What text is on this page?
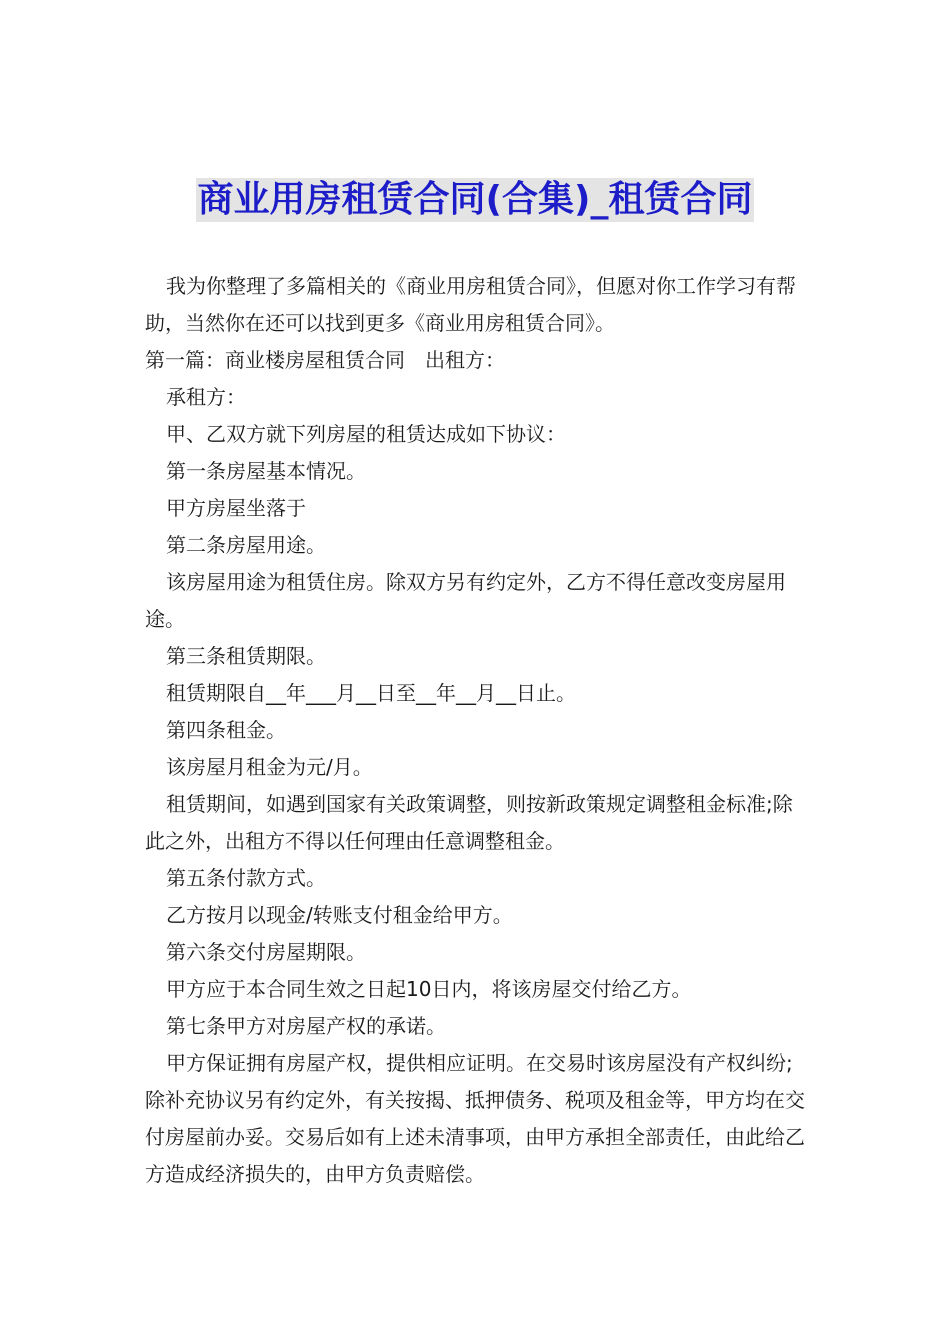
商业用房租赁合同(合集)_租赁合同

我为你整理了多篇相关的《商业用房租赁合同》，但愿对你工作学习有帮助，当然你在还可以找到更多《商业用房租赁合同》。

第一篇：商业楼房屋租赁合同　出租方：

承租方：

甲、乙双方就下列房屋的租赁达成如下协议：

第一条房屋基本情况。

甲方房屋坐落于

第二条房屋用途。

该房屋用途为租赁住房。除双方另有约定外，乙方不得任意改变房屋用途。

第三条租赁期限。

租赁期限自__年___月__日至__年__月__日止。

第四条租金。

该房屋月租金为元/月。

租赁期间，如遇到国家有关政策调整，则按新政策规定调整租金标准;除此之外，出租方不得以任何理由任意调整租金。

第五条付款方式。

乙方按月以现金/转账支付租金给甲方。

第六条交付房屋期限。

甲方应于本合同生效之日起10日内，将该房屋交付给乙方。

第七条甲方对房屋产权的承诺。

甲方保证拥有房屋产权，提供相应证明。在交易时该房屋没有产权纠纷;除补充协议另有约定外，有关按揭、抵押债务、税项及租金等，甲方均在交付房屋前办妥。交易后如有上述未清事项，由甲方承担全部责任，由此给乙方造成经济损失的，由甲方负责赔偿。
